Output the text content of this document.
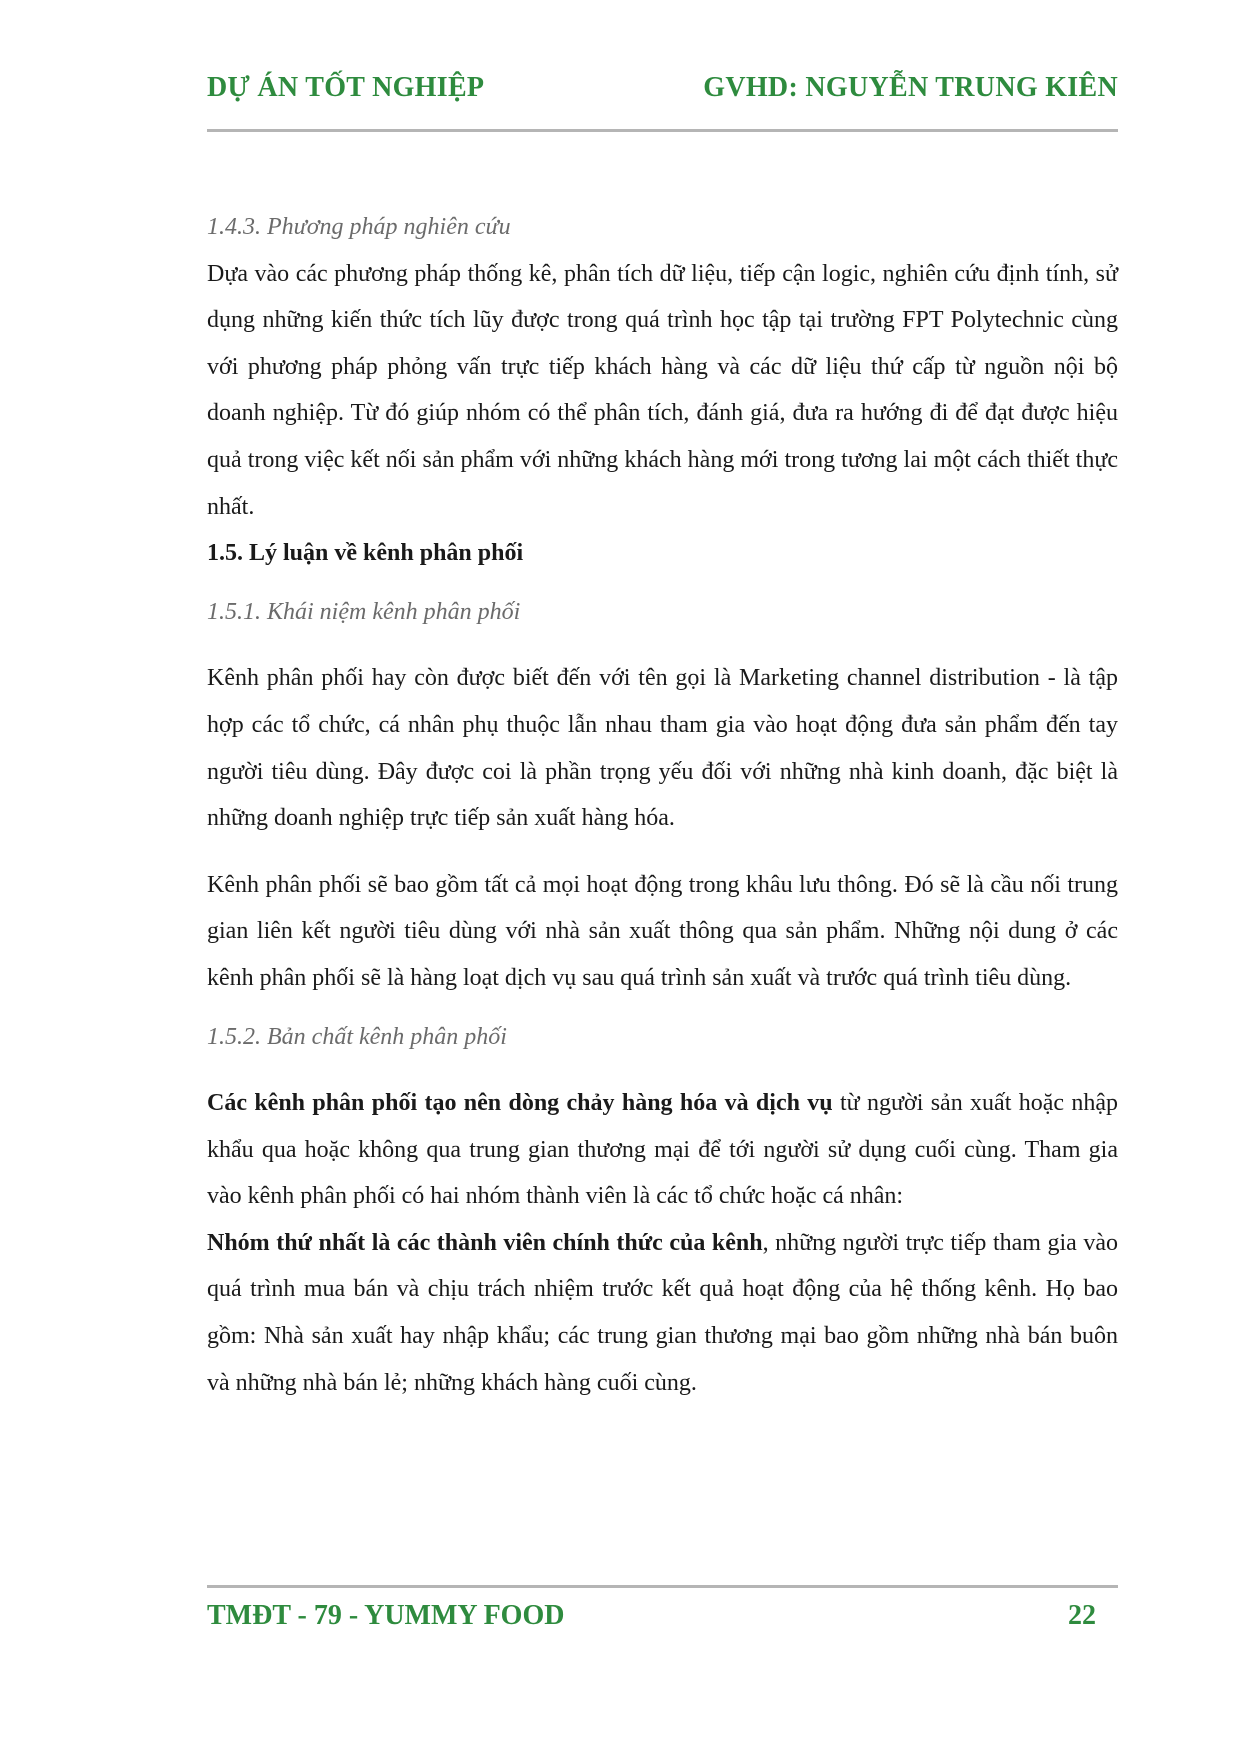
DỰ ÁN TỐT NGHIỆP	GVHD: NGUYỄN TRUNG KIÊN

1.4.3. Phương pháp nghiên cứu

Dựa vào các phương pháp thống kê, phân tích dữ liệu, tiếp cận logic, nghiên cứu định tính, sử dụng những kiến thức tích lũy được trong quá trình học tập tại trường FPT Polytechnic cùng với phương pháp phỏng vấn trực tiếp khách hàng và các dữ liệu thứ cấp từ nguồn nội bộ doanh nghiệp. Từ đó giúp nhóm có thể phân tích, đánh giá, đưa ra hướng đi để đạt được hiệu quả trong việc kết nối sản phẩm với những khách hàng mới trong tương lai một cách thiết thực nhất.

1.5. Lý luận về kênh phân phối

1.5.1. Khái niệm kênh phân phối

Kênh phân phối hay còn được biết đến với tên gọi là Marketing channel distribution - là tập hợp các tổ chức, cá nhân phụ thuộc lẫn nhau tham gia vào hoạt động đưa sản phẩm đến tay người tiêu dùng. Đây được coi là phần trọng yếu đối với những nhà kinh doanh, đặc biệt là những doanh nghiệp trực tiếp sản xuất hàng hóa.

Kênh phân phối sẽ bao gồm tất cả mọi hoạt động trong khâu lưu thông. Đó sẽ là cầu nối trung gian liên kết người tiêu dùng với nhà sản xuất thông qua sản phẩm. Những nội dung ở các kênh phân phối sẽ là hàng loạt dịch vụ sau quá trình sản xuất và trước quá trình tiêu dùng.

1.5.2. Bản chất kênh phân phối

Các kênh phân phối tạo nên dòng chảy hàng hóa và dịch vụ từ người sản xuất hoặc nhập khẩu qua hoặc không qua trung gian thương mại để tới người sử dụng cuối cùng. Tham gia vào kênh phân phối có hai nhóm thành viên là các tổ chức hoặc cá nhân:

Nhóm thứ nhất là các thành viên chính thức của kênh, những người trực tiếp tham gia vào quá trình mua bán và chịu trách nhiệm trước kết quả hoạt động của hệ thống kênh. Họ bao gồm: Nhà sản xuất hay nhập khẩu; các trung gian thương mại bao gồm những nhà bán buôn và những nhà bán lẻ; những khách hàng cuối cùng.

TMĐT - 79 - YUMMY FOOD	22
